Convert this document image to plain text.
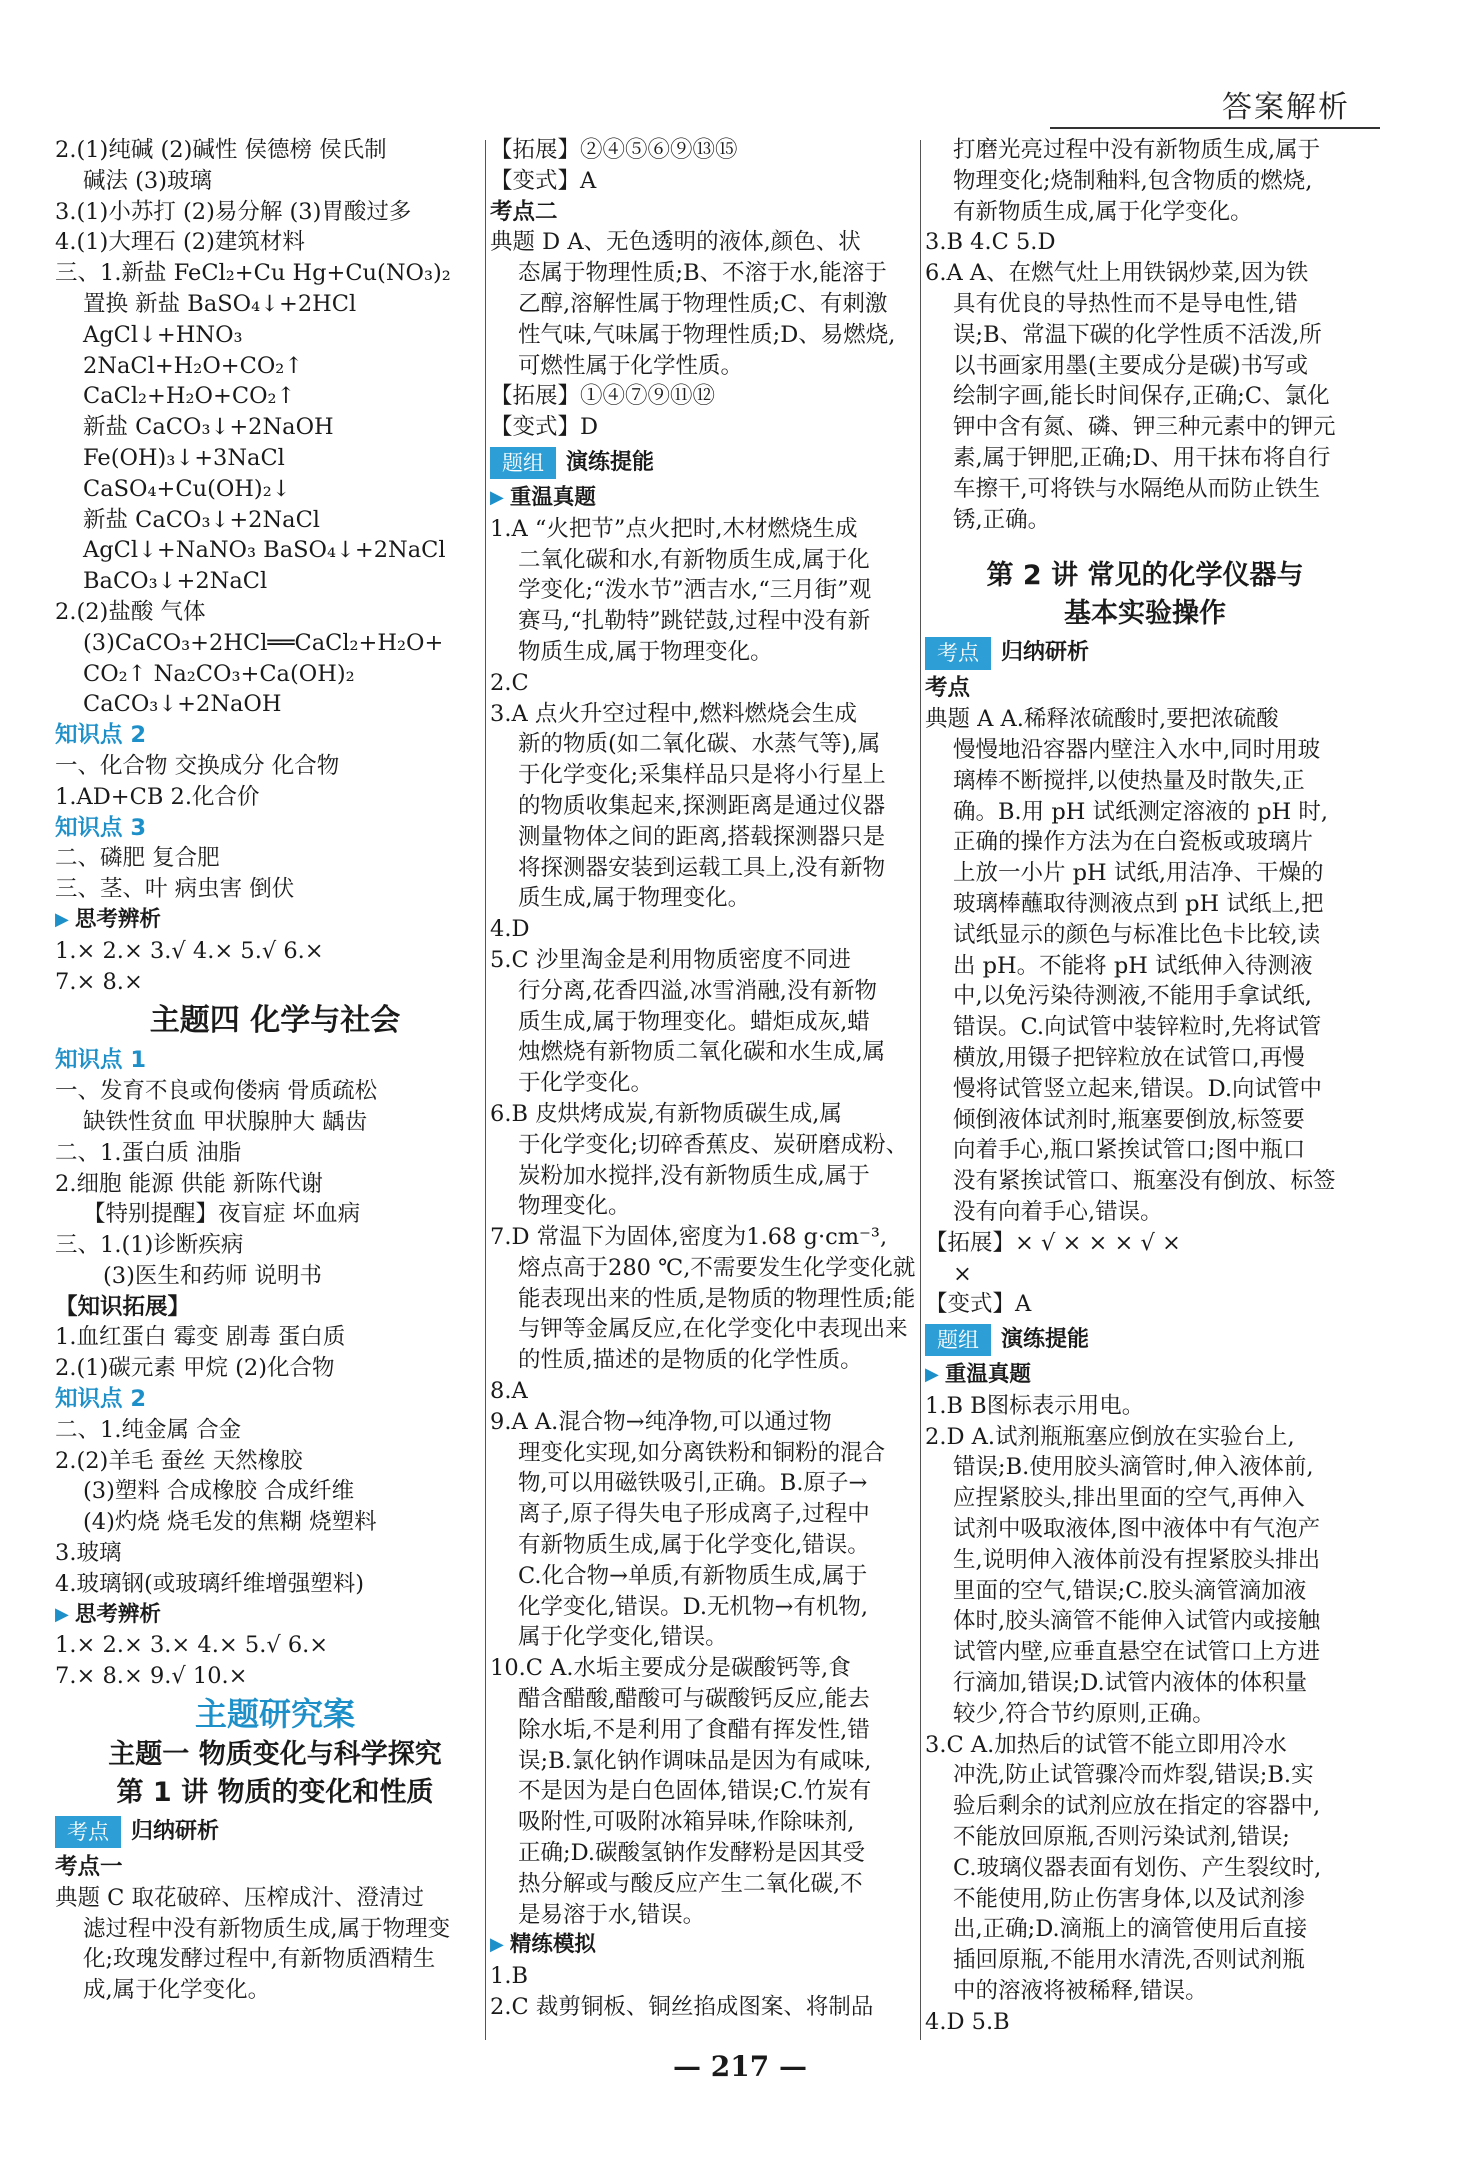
答案解析
2.(1)纯碱 (2)碱性 侯德榜 侯氏制
碱法 (3)玻璃
3.(1)小苏打 (2)易分解 (3)胃酸过多
4.(1)大理石 (2)建筑材料
三、1.新盐 FeCl₂+Cu Hg+Cu(NO₃)₂
置换 新盐 BaSO₄↓+2HCl
AgCl↓+HNO₃
2NaCl+H₂O+CO₂↑
CaCl₂+H₂O+CO₂↑
新盐 CaCO₃↓+2NaOH
Fe(OH)₃↓+3NaCl
CaSO₄+Cu(OH)₂↓
新盐 CaCO₃↓+2NaCl
AgCl↓+NaNO₃ BaSO₄↓+2NaCl
BaCO₃↓+2NaCl
2.(2)盐酸 气体
(3)CaCO₃+2HCl══CaCl₂+H₂O+
CO₂↑ Na₂CO₃+Ca(OH)₂
CaCO₃↓+2NaOH
知识点 2
一、化合物 交换成分 化合物
1.AD+CB 2.化合价
知识点 3
二、磷肥 复合肥
三、茎、叶 病虫害 倒伏
▶ 思考辨析
1.× 2.× 3.√ 4.× 5.√ 6.×
7.× 8.×
主题四 化学与社会
知识点 1
一、发育不良或佝偻病 骨质疏松
缺铁性贫血 甲状腺肿大 龋齿
二、1.蛋白质 油脂
2.细胞 能源 供能 新陈代谢
【特别提醒】夜盲症 坏血病
三、1.(1)诊断疾病
(3)医生和药师 说明书
【知识拓展】
1.血红蛋白 霉变 剧毒 蛋白质
2.(1)碳元素 甲烷 (2)化合物
知识点 2
二、1.纯金属 合金
2.(2)羊毛 蚕丝 天然橡胶
(3)塑料 合成橡胶 合成纤维
(4)灼烧 烧毛发的焦糊 烧塑料
3.玻璃
4.玻璃钢(或玻璃纤维增强塑料)
▶ 思考辨析
1.× 2.× 3.× 4.× 5.√ 6.×
7.× 8.× 9.√ 10.×
主题研究案
主题一 物质变化与科学探究
第 1 讲 物质的变化和性质
考点	归纳研析
考点一
典题 C 取花破碎、压榨成汁、澄清过
滤过程中没有新物质生成,属于物理变
化;玫瑰发酵过程中,有新物质酒精生
成,属于化学变化。
【拓展】②④⑤⑥⑨⑬⑮
【变式】A
考点二
典题 D A、无色透明的液体,颜色、状
态属于物理性质;B、不溶于水,能溶于
乙醇,溶解性属于物理性质;C、有刺激
性气味,气味属于物理性质;D、易燃烧,
可燃性属于化学性质。
【拓展】①④⑦⑨⑪⑫
【变式】D
题组	演练提能
▶ 重温真题
1.A “火把节”点火把时,木材燃烧生成
二氧化碳和水,有新物质生成,属于化
学变化;“泼水节”洒吉水,“三月街”观
赛马,“扎勒特”跳铓鼓,过程中没有新
物质生成,属于物理变化。
2.C
3.A 点火升空过程中,燃料燃烧会生成
新的物质(如二氧化碳、水蒸气等),属
于化学变化;采集样品只是将小行星上
的物质收集起来,探测距离是通过仪器
测量物体之间的距离,搭载探测器只是
将探测器安装到运载工具上,没有新物
质生成,属于物理变化。
4.D
5.C 沙里淘金是利用物质密度不同进
行分离,花香四溢,冰雪消融,没有新物
质生成,属于物理变化。蜡炬成灰,蜡
烛燃烧有新物质二氧化碳和水生成,属
于化学变化。
6.B 皮烘烤成炭,有新物质碳生成,属
于化学变化;切碎香蕉皮、炭研磨成粉、
炭粉加水搅拌,没有新物质生成,属于
物理变化。
7.D 常温下为固体,密度为1.68 g·cm⁻³,
熔点高于280 ℃,不需要发生化学变化就
能表现出来的性质,是物质的物理性质;能
与钾等金属反应,在化学变化中表现出来
的性质,描述的是物质的化学性质。
8.A
9.A A.混合物→纯净物,可以通过物
理变化实现,如分离铁粉和铜粉的混合
物,可以用磁铁吸引,正确。B.原子→
离子,原子得失电子形成离子,过程中
有新物质生成,属于化学变化,错误。
C.化合物→单质,有新物质生成,属于
化学变化,错误。D.无机物→有机物,
属于化学变化,错误。
10.C A.水垢主要成分是碳酸钙等,食
醋含醋酸,醋酸可与碳酸钙反应,能去
除水垢,不是利用了食醋有挥发性,错
误;B.氯化钠作调味品是因为有咸味,
不是因为是白色固体,错误;C.竹炭有
吸附性,可吸附冰箱异味,作除味剂,
正确;D.碳酸氢钠作发酵粉是因其受
热分解或与酸反应产生二氧化碳,不
是易溶于水,错误。
▶ 精练模拟
1.B
2.C 裁剪铜板、铜丝掐成图案、将制品
打磨光亮过程中没有新物质生成,属于
物理变化;烧制釉料,包含物质的燃烧,
有新物质生成,属于化学变化。
3.B 4.C 5.D
6.A A、在燃气灶上用铁锅炒菜,因为铁
具有优良的导热性而不是导电性,错
误;B、常温下碳的化学性质不活泼,所
以书画家用墨(主要成分是碳)书写或
绘制字画,能长时间保存,正确;C、氯化
钾中含有氮、磷、钾三种元素中的钾元
素,属于钾肥,正确;D、用干抹布将自行
车擦干,可将铁与水隔绝从而防止铁生
锈,正确。
第 2 讲 常见的化学仪器与
基本实验操作
考点	归纳研析
考点
典题 A A.稀释浓硫酸时,要把浓硫酸
慢慢地沿容器内壁注入水中,同时用玻
璃棒不断搅拌,以使热量及时散失,正
确。B.用 pH 试纸测定溶液的 pH 时,
正确的操作方法为在白瓷板或玻璃片
上放一小片 pH 试纸,用洁净、干燥的
玻璃棒蘸取待测液点到 pH 试纸上,把
试纸显示的颜色与标准比色卡比较,读
出 pH。不能将 pH 试纸伸入待测液
中,以免污染待测液,不能用手拿试纸,
错误。C.向试管中装锌粒时,先将试管
横放,用镊子把锌粒放在试管口,再慢
慢将试管竖立起来,错误。D.向试管中
倾倒液体试剂时,瓶塞要倒放,标签要
向着手心,瓶口紧挨试管口;图中瓶口
没有紧挨试管口、瓶塞没有倒放、标签
没有向着手心,错误。
【拓展】× √ × × × √ ×
×
【变式】A
题组	演练提能
▶ 重温真题
1.B B图标表示用电。
2.D A.试剂瓶瓶塞应倒放在实验台上,
错误;B.使用胶头滴管时,伸入液体前,
应捏紧胶头,排出里面的空气,再伸入
试剂中吸取液体,图中液体中有气泡产
生,说明伸入液体前没有捏紧胶头排出
里面的空气,错误;C.胶头滴管滴加液
体时,胶头滴管不能伸入试管内或接触
试管内壁,应垂直悬空在试管口上方进
行滴加,错误;D.试管内液体的体积量
较少,符合节约原则,正确。
3.C A.加热后的试管不能立即用冷水
冲洗,防止试管骤冷而炸裂,错误;B.实
验后剩余的试剂应放在指定的容器中,
不能放回原瓶,否则污染试剂,错误;
C.玻璃仪器表面有划伤、产生裂纹时,
不能使用,防止伤害身体,以及试剂渗
出,正确;D.滴瓶上的滴管使用后直接
插回原瓶,不能用水清洗,否则试剂瓶
中的溶液将被稀释,错误。
4.D 5.B
— 217 —
